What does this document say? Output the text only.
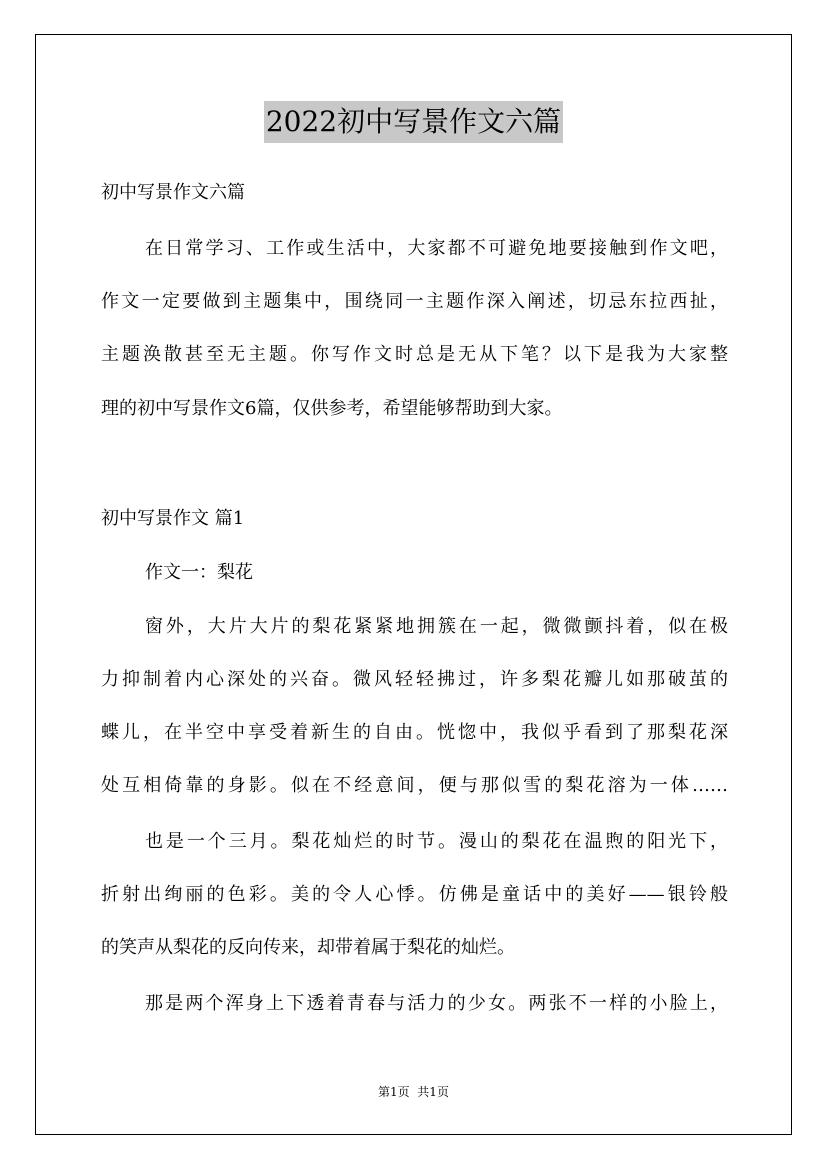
2022初中写景作文六篇
初中写景作文六篇
在日常学习、工作或生活中，大家都不可避免地要接触到作文吧，
作文一定要做到主题集中，围绕同一主题作深入阐述，切忌东拉西扯，
主题涣散甚至无主题。你写作文时总是无从下笔？以下是我为大家整
理的初中写景作文6篇，仅供参考，希望能够帮助到大家。
初中写景作文 篇1
作文一：梨花
窗外，大片大片的梨花紧紧地拥簇在一起，微微颤抖着，似在极
力抑制着内心深处的兴奋。微风轻轻拂过，许多梨花瓣儿如那破茧的
蝶儿，在半空中享受着新生的自由。恍惚中，我似乎看到了那梨花深
处互相倚靠的身影。似在不经意间，便与那似雪的梨花溶为一体……
也是一个三月。梨花灿烂的时节。漫山的梨花在温煦的阳光下，
折射出绚丽的色彩。美的令人心悸。仿佛是童话中的美好——银铃般
的笑声从梨花的反向传来，却带着属于梨花的灿烂。
那是两个浑身上下透着青春与活力的少女。两张不一样的小脸上，
第1页  共1页
